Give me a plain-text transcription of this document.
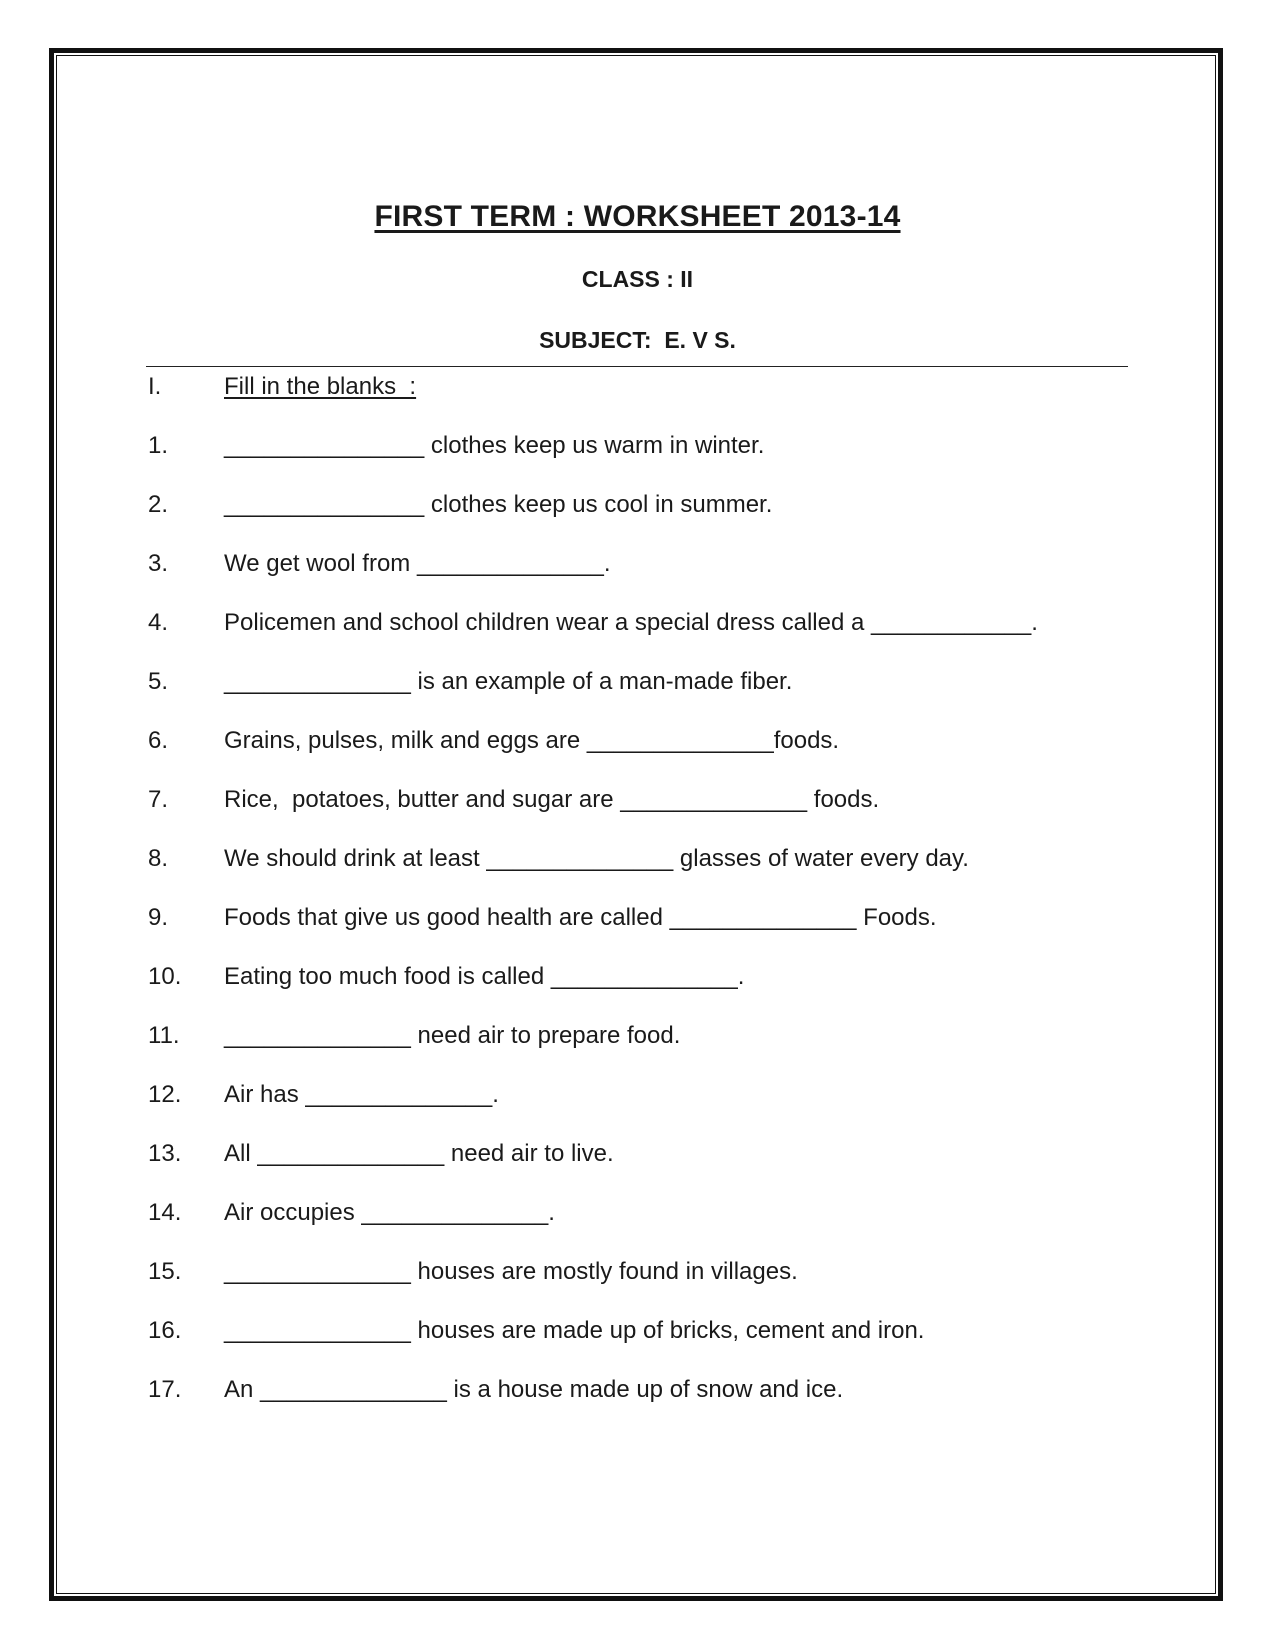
FIRST TERM : WORKSHEET 2013-14
CLASS : II
SUBJECT:  E. V S.

I.

	Fill in the blanks  :

1.

_______________ clothes keep us warm in winter.

2.

_______________ clothes keep us cool in summer.

3.

We get wool from ______________.

4.

Policemen and school children wear a special dress called a ____________.

5.

______________ is an example of a man-made fiber.

6.

Grains, pulses, milk and eggs are ______________foods.

7.

Rice,  potatoes, butter and sugar are ______________ foods.

8.

We should drink at least ______________ glasses of water every day.

9.

Foods that give us good health are called ______________ Foods.

10.

Eating too much food is called ______________.

11.

______________ need air to prepare food.

12.

Air has ______________.

13.

All ______________ need air to live.

14.

Air occupies ______________.

15.

______________ houses are mostly found in villages.

16.

______________ houses are made up of bricks, cement and iron.

17.

An ______________ is a house made up of snow and ice.
